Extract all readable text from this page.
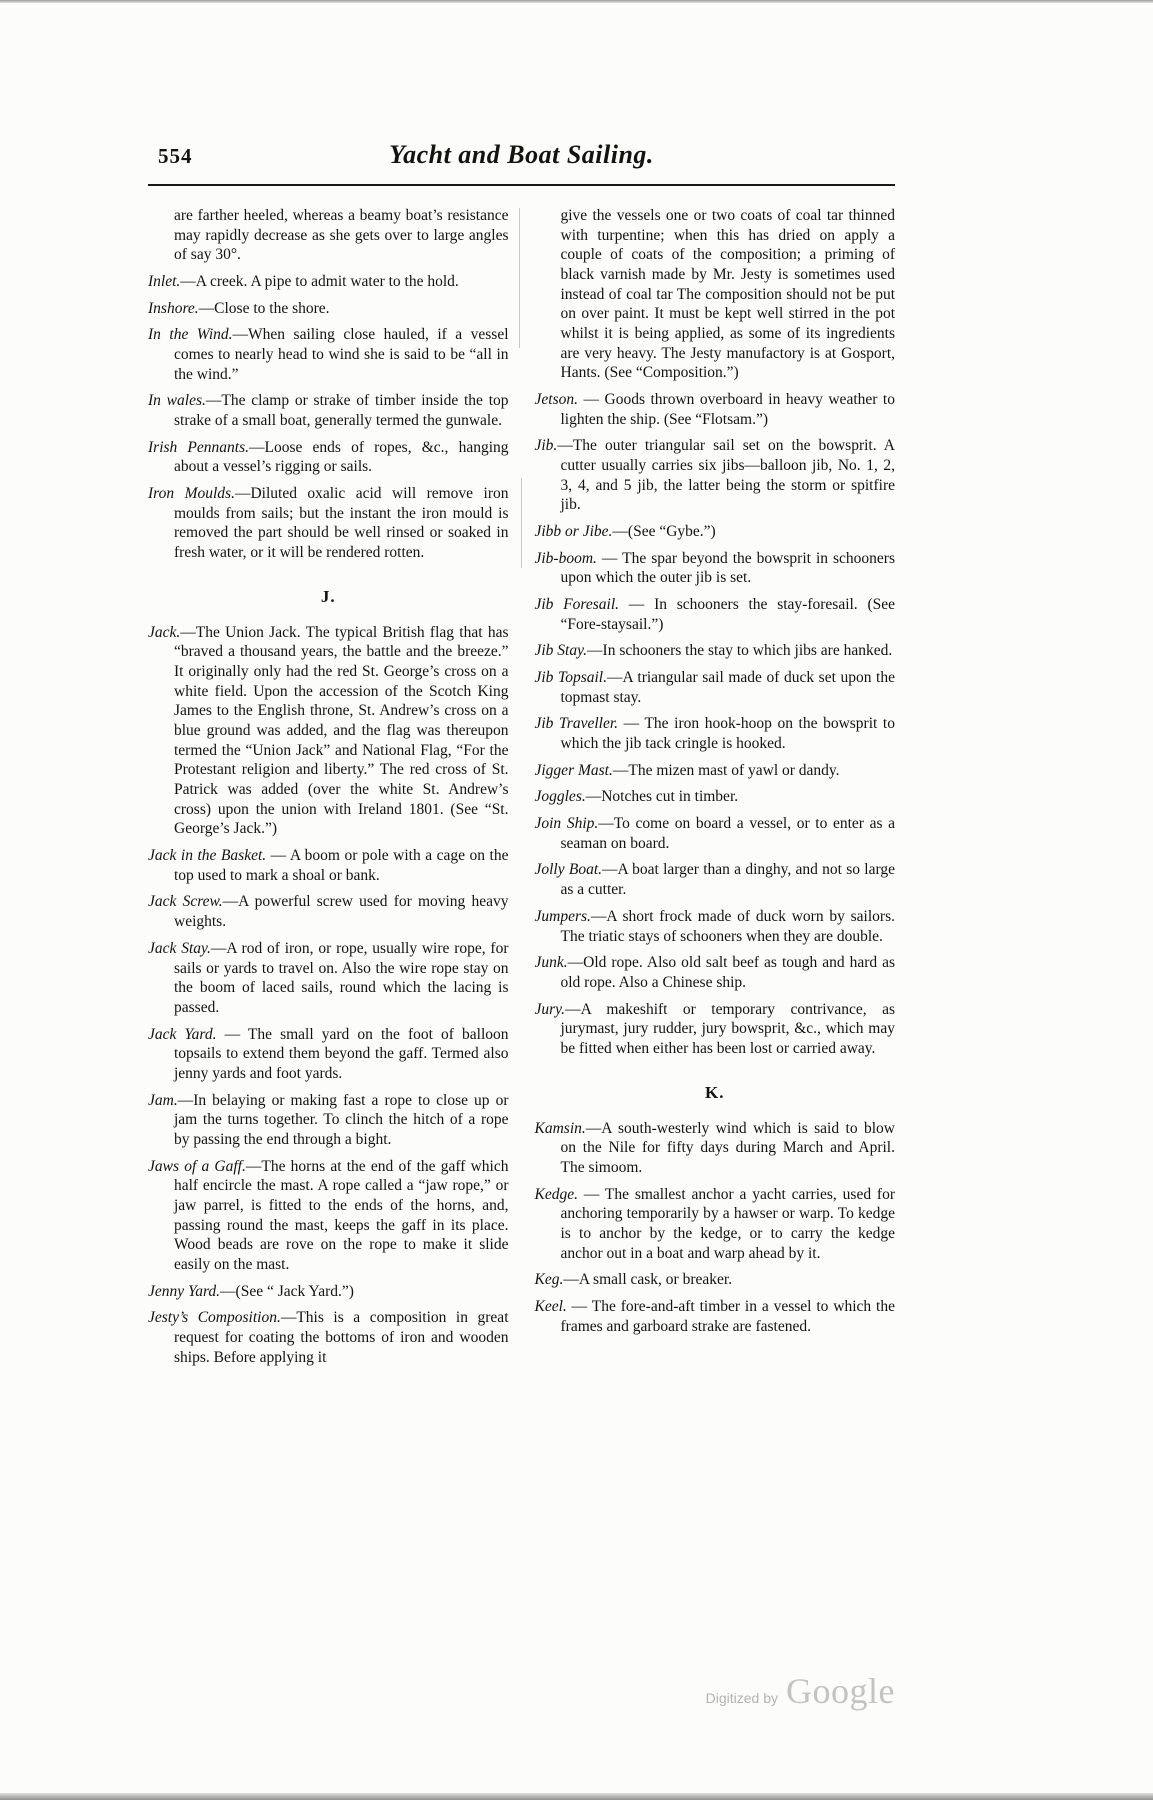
554	Yacht and Boat Sailing.

are farther heeled, whereas a beamy boat’s resistance may rapidly decrease as she gets over to large angles of say 30°.

Inlet.—A creek. A pipe to admit water to the hold.

Inshore.—Close to the shore.

In the Wind.—When sailing close hauled, if a vessel comes to nearly head to wind she is said to be “all in the wind.”

In wales.—The clamp or strake of timber inside the top strake of a small boat, generally termed the gunwale.

Irish Pennants.—Loose ends of ropes, &c., hanging about a vessel’s rigging or sails.

Iron Moulds.—Diluted oxalic acid will remove iron moulds from sails; but the instant the iron mould is removed the part should be well rinsed or soaked in fresh water, or it will be rendered rotten.

J.

Jack.—The Union Jack. The typical British flag that has “braved a thousand years, the battle and the breeze.” It originally only had the red St. George’s cross on a white field. Upon the accession of the Scotch King James to the English throne, St. Andrew’s cross on a blue ground was added, and the flag was thereupon termed the “Union Jack” and National Flag, “For the Protestant religion and liberty.” The red cross of St. Patrick was added (over the white St. Andrew’s cross) upon the union with Ireland 1801. (See “St. George’s Jack.”)

Jack in the Basket. — A boom or pole with a cage on the top used to mark a shoal or bank.

Jack Screw.—A powerful screw used for moving heavy weights.

Jack Stay.—A rod of iron, or rope, usually wire rope, for sails or yards to travel on. Also the wire rope stay on the boom of laced sails, round which the lacing is passed.

Jack Yard. — The small yard on the foot of balloon topsails to extend them beyond the gaff. Termed also jenny yards and foot yards.

Jam.—In belaying or making fast a rope to close up or jam the turns together. To clinch the hitch of a rope by passing the end through a bight.

Jaws of a Gaff.—The horns at the end of the gaff which half encircle the mast. A rope called a “jaw rope,” or jaw parrel, is fitted to the ends of the horns, and, passing round the mast, keeps the gaff in its place. Wood beads are rove on the rope to make it slide easily on the mast.

Jenny Yard.—(See “ Jack Yard.”)

Jesty’s Composition.—This is a composition in great request for coating the bottoms of iron and wooden ships. Before applying it

give the vessels one or two coats of coal tar thinned with turpentine; when this has dried on apply a couple of coats of the composition; a priming of black varnish made by Mr. Jesty is sometimes used instead of coal tar The composition should not be put on over paint. It must be kept well stirred in the pot whilst it is being applied, as some of its ingredients are very heavy. The Jesty manufactory is at Gosport, Hants. (See “Composition.”)

Jetson. — Goods thrown overboard in heavy weather to lighten the ship. (See “Flotsam.”)

Jib.—The outer triangular sail set on the bowsprit. A cutter usually carries six jibs—balloon jib, No. 1, 2, 3, 4, and 5 jib, the latter being the storm or spitfire jib.

Jibb or Jibe.—(See “Gybe.”)

Jib-boom. — The spar beyond the bowsprit in schooners upon which the outer jib is set.

Jib Foresail. — In schooners the stay-foresail. (See “Fore-staysail.”)

Jib Stay.—In schooners the stay to which jibs are hanked.

Jib Topsail.—A triangular sail made of duck set upon the topmast stay.

Jib Traveller. — The iron hook-hoop on the bowsprit to which the jib tack cringle is hooked.

Jigger Mast.—The mizen mast of yawl or dandy.

Joggles.—Notches cut in timber.

Join Ship.—To come on board a vessel, or to enter as a seaman on board.

Jolly Boat.—A boat larger than a dinghy, and not so large as a cutter.

Jumpers.—A short frock made of duck worn by sailors. The triatic stays of schooners when they are double.

Junk.—Old rope. Also old salt beef as tough and hard as old rope. Also a Chinese ship.

Jury.—A makeshift or temporary contrivance, as jurymast, jury rudder, jury bowsprit, &c., which may be fitted when either has been lost or carried away.

K.

Kamsin.—A south-westerly wind which is said to blow on the Nile for fifty days during March and April. The simoom.

Kedge. — The smallest anchor a yacht carries, used for anchoring temporarily by a hawser or warp. To kedge is to anchor by the kedge, or to carry the kedge anchor out in a boat and warp ahead by it.

Keg.—A small cask, or breaker.

Keel. — The fore-and-aft timber in a vessel to which the frames and garboard strake are fastened.

Digitized by Google
